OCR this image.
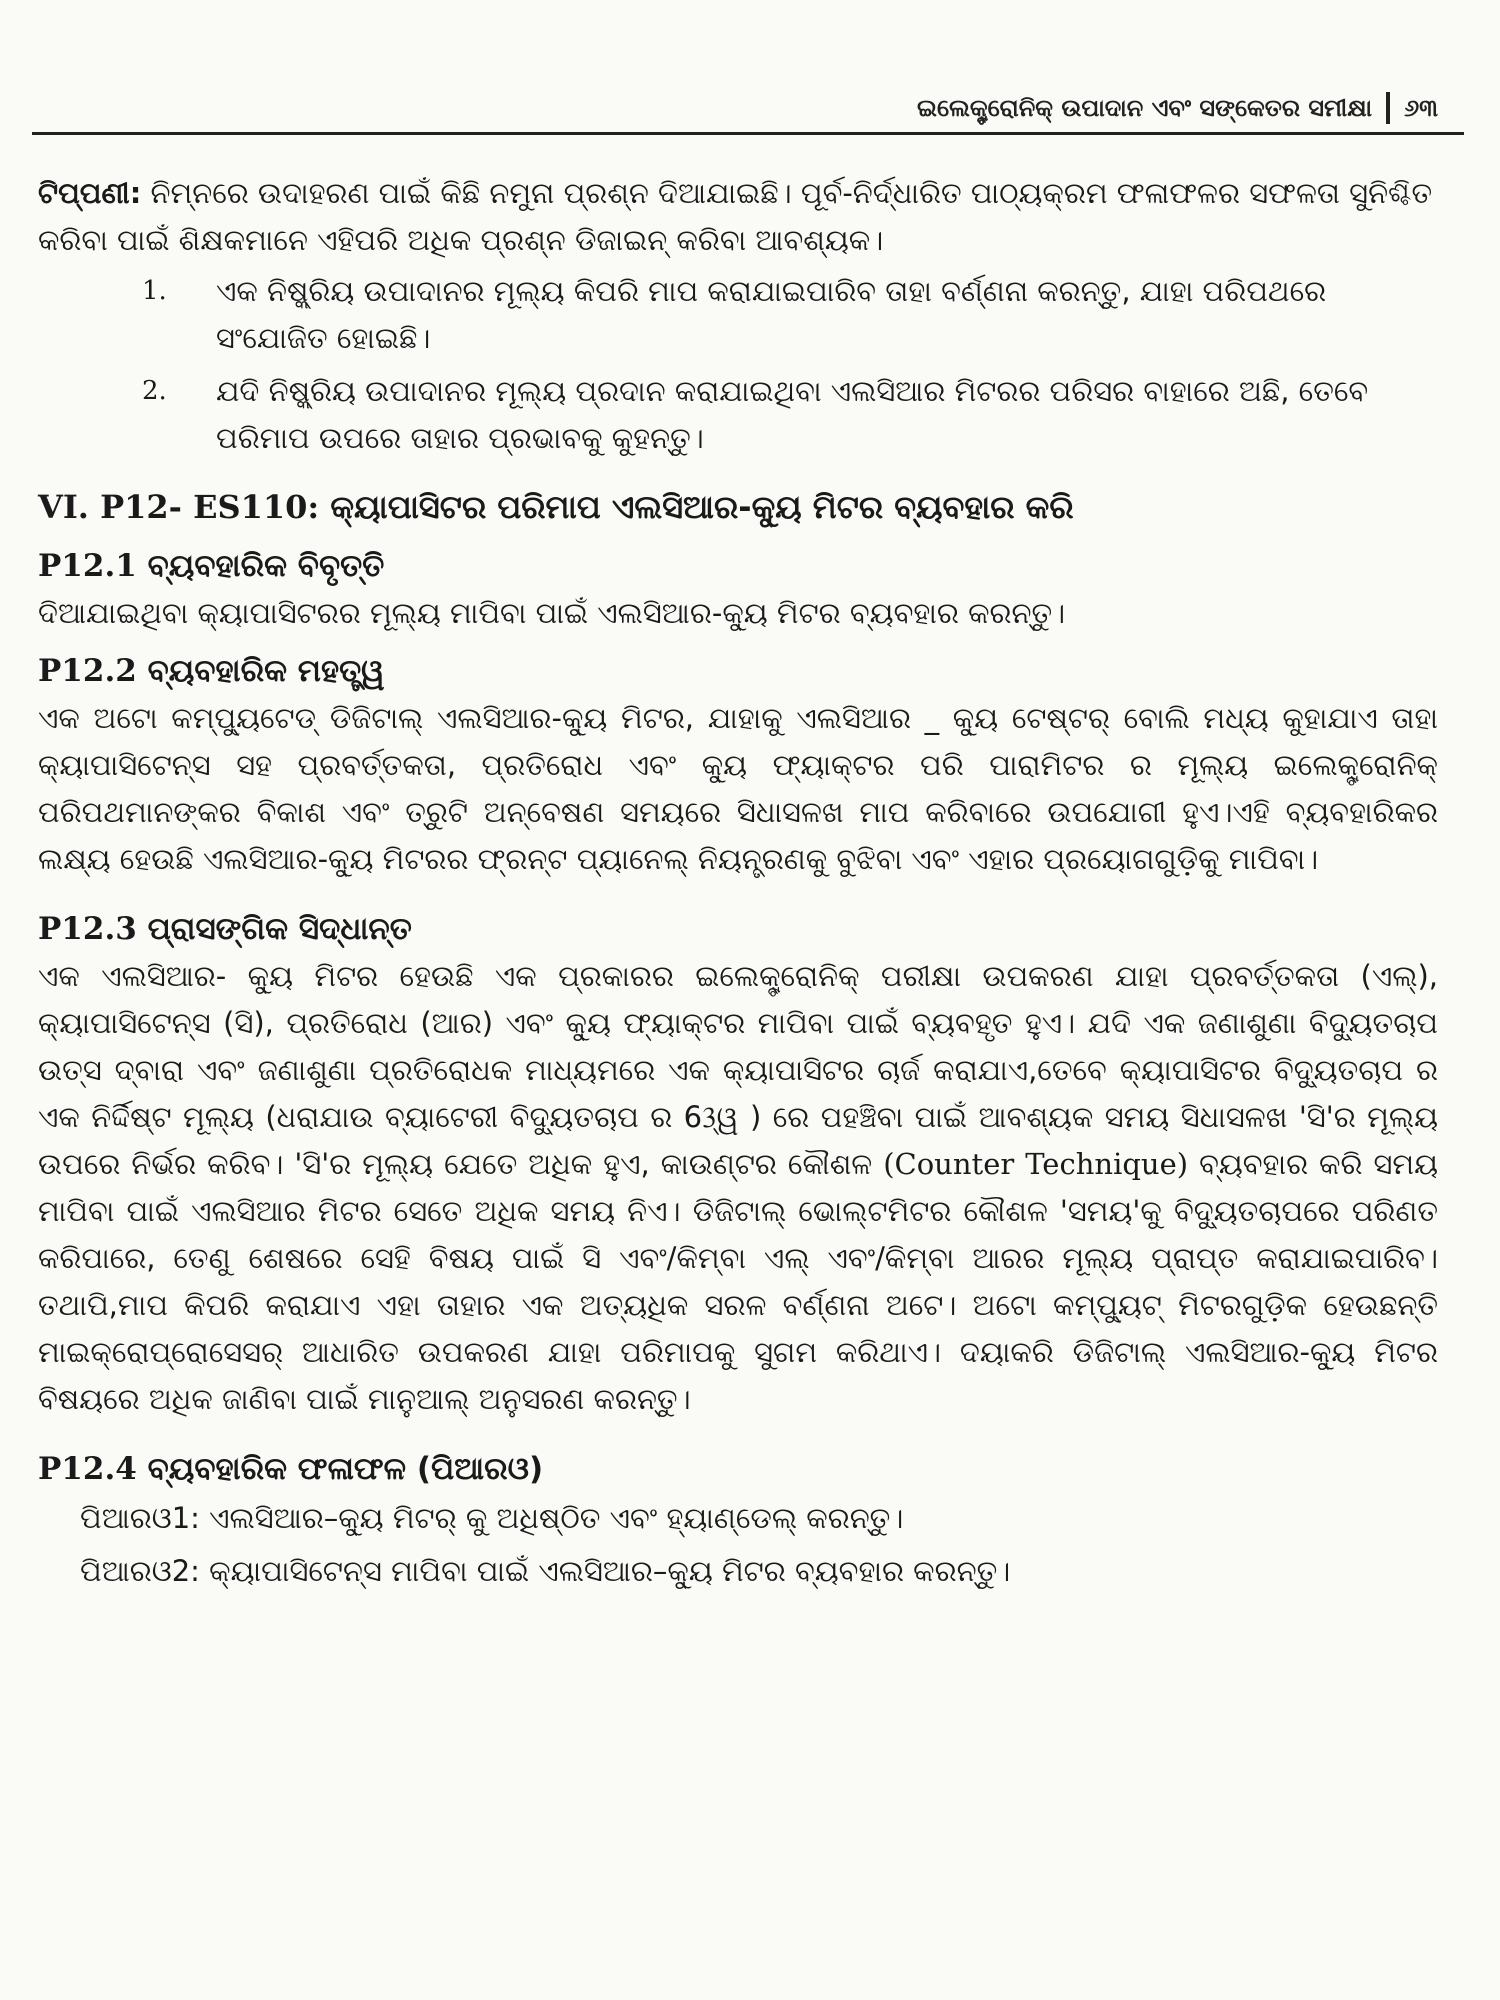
ଇଲେକ୍ଟ୍ରୋନିକ୍ ଉପାଦାନ ଏବଂ ସଙ୍କେତର ସମୀକ୍ଷା ୬୩

ଟିପ୍ପଣୀ: ନିମ୍ନରେ ଉଦାହରଣ ପାଇଁ କିଛି ନମୁନା ପ୍ରଶ୍ନ ଦିଆଯାଇଛି। ପୂର୍ବ-ନିର୍ଦ୍ଧାରିତ ପାଠ୍ୟକ୍ରମ ଫଳାଫଳର ସଫଳତା ସୁନିଶ୍ଚିତ କରିବା ପାଇଁ ଶିକ୍ଷକମାନେ ଏହିପରି ଅଧିକ ପ୍ରଶ୍ନ ଡିଜାଇନ୍ କରିବା ଆବଶ୍ୟକ।

1.	ଏକ ନିଷ୍କ୍ରିୟ ଉପାଦାନର ମୂଲ୍ୟ କିପରି ମାପ କରାଯାଇପାରିବ ତାହା ବର୍ଣ୍ଣନା କରନ୍ତୁ, ଯାହା ପରିପଥରେ ସଂଯୋଜିତ ହୋଇଛି।
2.	ଯଦି ନିଷ୍କ୍ରିୟ ଉପାଦାନର ମୂଲ୍ୟ ପ୍ରଦାନ କରାଯାଇଥିବା ଏଲସିଆର ମିଟରର ପରିସର ବାହାରେ ଅଛି, ତେବେ ପରିମାପ ଉପରେ ତାହାର ପ୍ରଭାବକୁ କୁହନ୍ତୁ।
VI. P12- ES110: କ୍ୟାପାସିଟର ପରିମାପ ଏଲସିଆର-କ୍ୟୁ ମିଟର ବ୍ୟବହାର କରି
P12.1 ବ୍ୟବହାରିକ ବିବୃତ୍ତି

ଦିଆଯାଇଥିବା କ୍ୟାପାସିଟରର ମୂଲ୍ୟ ମାପିବା ପାଇଁ ଏଲସିଆର-କ୍ୟୁ ମିଟର ବ୍ୟବହାର କରନ୍ତୁ।

P12.2 ବ୍ୟବହାରିକ ମହତ୍ତ୍ୱ

ଏକ ଅଟୋ କମ୍ପ୍ୟୁଟେଡ୍ ଡିଜିଟାଲ୍ ଏଲସିଆର-କ୍ୟୁ ମିଟର, ଯାହାକୁ ଏଲସିଆର _ କ୍ୟୁ ଟେଷ୍ଟର୍ ବୋଲି ମଧ୍ୟ କୁହାଯାଏ ତାହା କ୍ୟାପାସିଟେନ୍ସ ସହ ପ୍ରବର୍ତ୍ତକତା, ପ୍ରତିରୋଧ ଏବଂ କ୍ୟୁ ଫ୍ୟାକ୍ଟର ପରି ପାରାମିଟର ର ମୂଲ୍ୟ ଇଲେକ୍ଟ୍ରୋନିକ୍ ପରିପଥମାନଙ୍କର ବିକାଶ ଏବଂ ତ୍ରୁଟି ଅନ୍ବେଷଣ ସମୟରେ ସିଧାସଳଖ ମାପ କରିବାରେ ଉପଯୋଗୀ ହୁଏ।ଏହି ବ୍ୟବହାରିକର ଲକ୍ଷ୍ୟ ହେଉଛି ଏଲସିଆର-କ୍ୟୁ ମିଟରର ଫ୍ରନ୍ଟ ପ୍ୟାନେଲ୍ ନିୟନ୍ତ୍ରଣକୁ ବୁଝିବା ଏବଂ ଏହାର ପ୍ରୟୋଗଗୁଡ଼ିକୁ ମାପିବା।

P12.3 ପ୍ରାସଙ୍ଗିକ ସିଦ୍ଧାନ୍ତ

ଏକ ଏଲସିଆର- କ୍ୟୁ ମିଟର ହେଉଛି ଏକ ପ୍ରକାରର ଇଲେକ୍ଟ୍ରୋନିକ୍ ପରୀକ୍ଷା ଉପକରଣ ଯାହା ପ୍ରବର୍ତ୍ତକତା (ଏଲ୍), କ୍ୟାପାସିଟେନ୍ସ (ସି), ପ୍ରତିରୋଧ (ଆର) ଏବଂ କ୍ୟୁ ଫ୍ୟାକ୍ଟର ମାପିବା ପାଇଁ ବ୍ୟବହୃତ ହୁଏ। ଯଦି ଏକ ଜଣାଶୁଣା ବିଦ୍ୟୁତଚାପ ଉତ୍ସ ଦ୍ବାରା ଏବଂ ଜଣାଶୁଣା ପ୍ରତିରୋଧକ ମାଧ୍ୟମରେ ଏକ କ୍ୟାପାସିଟର ଚାର୍ଜ କରାଯାଏ,ତେବେ କ୍ୟାପାସିଟର ବିଦ୍ୟୁତଚାପ ର ଏକ ନିର୍ଦ୍ଦିଷ୍ଟ ମୂଲ୍ୟ (ଧରାଯାଉ ବ୍ୟାଟେରୀ ବିଦ୍ୟୁତଚାପ ର 63୍ୱ ) ରେ ପହଞ୍ଚିବା ପାଇଁ ଆବଶ୍ୟକ ସମୟ ସିଧାସଳଖ 'ସି'ର ମୂଲ୍ୟ ଉପରେ ନିର୍ଭର କରିବ। 'ସି'ର ମୂଲ୍ୟ ଯେତେ ଅଧିକ ହୁଏ, କାଉଣ୍ଟର କୌଶଳ (Counter Technique) ବ୍ୟବହାର କରି ସମୟ ମାପିବା ପାଇଁ ଏଲସିଆର ମିଟର ସେତେ ଅଧିକ ସମୟ ନିଏ। ଡିଜିଟାଲ୍ ଭୋଲ୍ଟମିଟର କୌଶଳ 'ସମୟ'କୁ ବିଦ୍ୟୁତଚାପରେ ପରିଣତ କରିପାରେ, ତେଣୁ ଶେଷରେ ସେହି ବିଷୟ ପାଇଁ ସି ଏବଂ/କିମ୍ବା ଏଲ୍ ଏବଂ/କିମ୍ବା ଆରର ମୂଲ୍ୟ ପ୍ରାପ୍ତ କରାଯାଇପାରିବ। ତଥାପି,ମାପ କିପରି କରାଯାଏ ଏହା ତାହାର ଏକ ଅତ୍ୟଧିକ ସରଳ ବର୍ଣ୍ଣନା ଅଟେ। ଅଟୋ କମ୍ପ୍ୟୁଟ୍ ମିଟରଗୁଡ଼ିକ ହେଉଛନ୍ତି ମାଇକ୍ରୋପ୍ରୋସେସର୍ ଆଧାରିତ ଉପକରଣ ଯାହା ପରିମାପକୁ ସୁଗମ କରିଥାଏ। ଦୟାକରି ଡିଜିଟାଲ୍ ଏଲସିଆର-କ୍ୟୁ ମିଟର ବିଷୟରେ ଅଧିକ ଜାଣିବା ପାଇଁ ମାନୁଆଲ୍ ଅନୁସରଣ କରନ୍ତୁ।

P12.4 ବ୍ୟବହାରିକ ଫଳାଫଳ (ପିଆରଓ)
ପିଆରଓ1: ଏଲସିଆର–କ୍ୟୁ ମିଟର୍ କୁ ଅଧିଷ୍ଠିତ ଏବଂ ହ୍ୟାଣ୍ଡେଲ୍ କରନ୍ତୁ।
ପିଆରଓ2: କ୍ୟାପାସିଟେନ୍ସ ମାପିବା ପାଇଁ ଏଲସିଆର–କ୍ୟୁ ମିଟର ବ୍ୟବହାର କରନ୍ତୁ।
